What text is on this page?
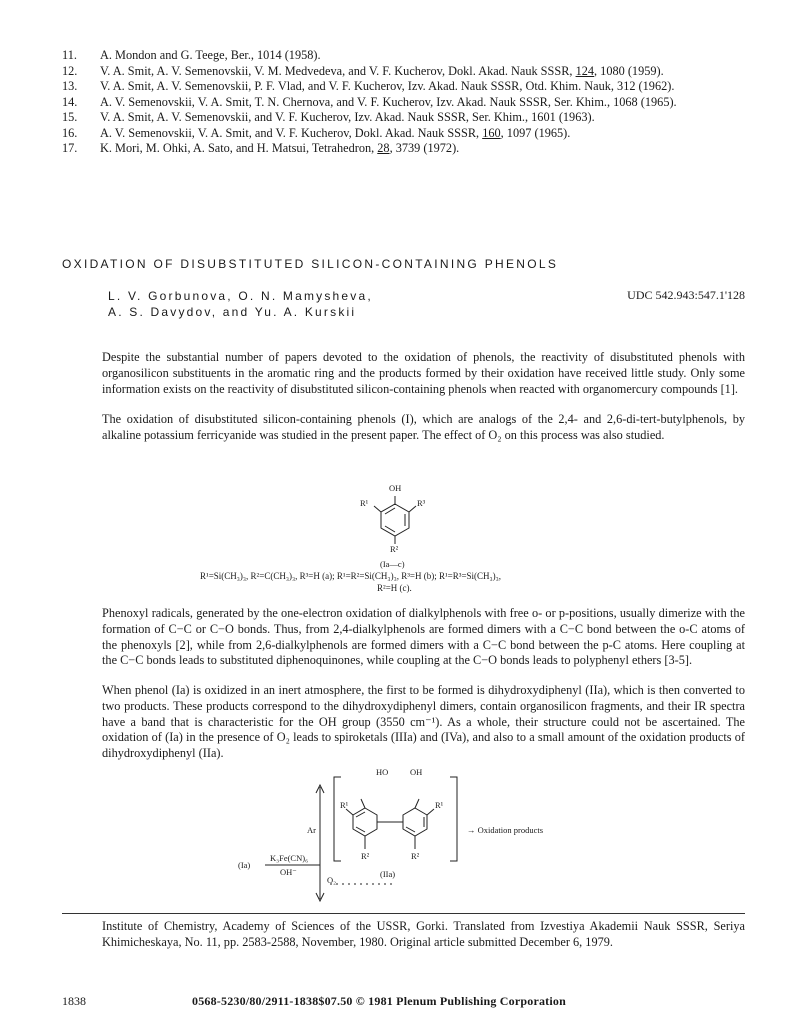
11.	A. Mondon and G. Teege, Ber., 1014 (1958).
12.	V. A. Smit, A. V. Semenovskii, V. M. Medvedeva, and V. F. Kucherov, Dokl. Akad. Nauk SSSR, 124, 1080 (1959).
13.	V. A. Smit, A. V. Semenovskii, P. F. Vlad, and V. F. Kucherov, Izv. Akad. Nauk SSSR, Otd. Khim. Nauk, 312 (1962).
14.	A. V. Semenovskii, V. A. Smit, T. N. Chernova, and V. F. Kucherov, Izv. Akad. Nauk SSSR, Ser. Khim., 1068 (1965).
15.	V. A. Smit, A. V. Semenovskii, and V. F. Kucherov, Izv. Akad. Nauk SSSR, Ser. Khim., 1601 (1963).
16.	A. V. Semenovskii, V. A. Smit, and V. F. Kucherov, Dokl. Akad. Nauk SSSR, 160, 1097 (1965).
17.	K. Mori, M. Ohki, A. Sato, and H. Matsui, Tetrahedron, 28, 3739 (1972).
OXIDATION OF DISUBSTITUTED SILICON-CONTAINING PHENOLS
L. V. Gorbunova, O. N. Mamysheva,
A. S. Davydov, and Yu. A. Kurskii
UDC 542.943:547.1'128
Despite the substantial number of papers devoted to the oxidation of phenols, the reactivity of disubstituted phenols with organosilicon substituents in the aromatic ring and the products formed by their oxidation have received little study. Only some information exists on the reactivity of disubstituted silicon-containing phenols when reacted with organomercury compounds [1].
The oxidation of disubstituted silicon-containing phenols (I), which are analogs of the 2,4- and 2,6-di-tert-butylphenols, by alkaline potassium ferricyanide was studied in the present paper. The effect of O₂ on this process was also studied.
OH
R¹	R³
R²
(Ia—c)
R¹=Si(CH₃)₃, R²=C(CH₃)₃, R³=H (a); R¹=R²=Si(CH₃)₃, R³=H (b); R¹=R³=Si(CH₃)₃,
R²=H (c).
Phenoxyl radicals, generated by the one-electron oxidation of dialkylphenols with free o- or p-positions, usually dimerize with the formation of C−C or C−O bonds. Thus, from 2,4-dialkylphenols are formed dimers with a C−C bond between the o-C atoms of the phenoxyls [2], while from 2,6-dialkylphenols are formed dimers with a C−C bond between the p-C atoms. Here coupling at the C−C bonds leads to substituted diphenoquinones, while coupling at the C−O bonds leads to polyphenyl ethers [3-5].
When phenol (Ia) is oxidized in an inert atmosphere, the first to be formed is dihydroxydiphenyl (IIa), which is then converted to two products. These products correspond to the dihydroxydiphenyl dimers, contain organosilicon fragments, and their IR spectra have a band that is characteristic for the OH group (3550 cm⁻¹). As a whole, their structure could not be ascertained. The oxidation of (Ia) in the presence of O₂ leads to spiroketals (IIIa) and (IVa), and also to a small amount of the oxidation products of dihydroxydiphenyl (IIa).
HO	OH
R¹	R¹
R²	R²
Ar	→ Oxidation products
(Ia)
K₃Fe(CN)₆
OH⁻
O₂
(IIa)
Institute of Chemistry, Academy of Sciences of the USSR, Gorki. Translated from Izvestiya Akademii Nauk SSSR, Seriya Khimicheskaya, No. 11, pp. 2583-2588, November, 1980. Original article submitted December 6, 1979.
1838	0568-5230/80/2911-1838$07.50 © 1981 Plenum Publishing Corporation
